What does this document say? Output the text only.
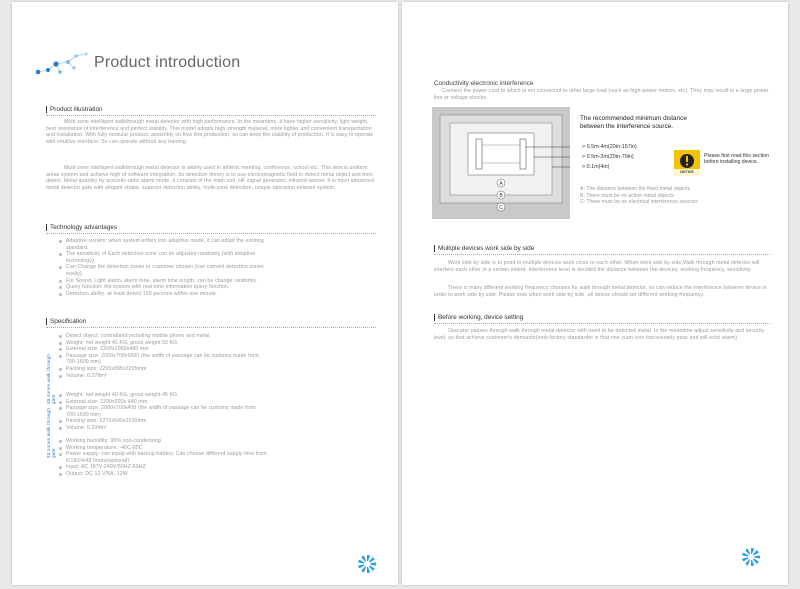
Product introduction
Product illustration
Multi-zone intelligent walkthrough metal detector with high performance. In the meantime, it have higher sensitivity, light weight, best resistance of interference and perfect stability. This model adopts high strength material, more lighter and convenient transportation and installation. With fully modular product, assembly on flow line production, so can keep the stability of production. It is easy to operate with intuitive interface. So can operate without any training.
Multi-zone intelligent walkthrough metal detector is widely used in athletic meeting, conference, school etc. This item is uniform areas system and achieve high of software integration. Its detection theory is to use electromagnetic field to detect metal object and then detect. Metal quantity by acoustic-optic alarm mode. It consists of the main unit, HF signal generator, infrared sensor. It is most advanced metal detector gate with elegant shape, superior detection ability, multi-zone detection, unique operation network system.
Technology advantages
Adaptive system: when system enters into adaptive mode, it can adapt the existing standard.
The sensitivity of Each detection zone can be adjusted randomly (with adaptive technology).
Can Change the detection zones to customer chosen (can convert detection zones easily).
For Sound, Light alarm, alarm tone, alarm time length, can be change randomly.
Query function: the system with real-time information query function.
Detection ability: at least detect 100 persons within one minute.
Specification
48 zones walk through gate
33 zones walk through gate
Detect object: contraband including mobile phone and metal
Weight: net weight 45 KG, gross weight 52 KG
External size: 2200x1900x480 mm
Passage size: 2000x700x1600 (the width of passage can be customs made from 700-1600 mm)
Packing size: 2265x895x2295mm
Volume: 0.378m³
Weight: net weight 40 KG, gross weight 45 KG
External size: 2200x920x 440 mm
Passage size: 2000x700x400 (the width of passage can be customs made from 700-1600 mm)
Packing size: 2270x540x2230mm
Volume: 0.334m³
Working humidity: 95%,non-condensing
Working temperature: -40C-85C
Power supply: can equip with backup battery. Can choose different supply time from 6/18/24/48 hours(optional)
Input: AC 187V-240V/50HZ-60HZ
Output: DC 12 V/5A, 12W
Conductivity electronic interference
Connect the power cord to which is not connected to other large load (such as high-power motors, etc). They may result in a large power line or voltage shocks.
A
B
C
The recommended minimum distance
between the interference source.
> 0.5m-4m(20in-157in)
> 0.5m-2m(20in-79in)
> 0.1m(4in)
NOTICE
Please first read this section before installing device.
A: The distance between the fixed metal objects
B: There must be no active metal objects
C: There must be no electrical interference sources
Multiple devices work side by side
Work side by side is to point to multiple devices work close to each other. When work side by side,Walk through metal detector will interfere each other in a certain extent. Interference level is decided the distance between the devices, working frequency, sensitivity.
There is many different working frequency chooses for walk through metal detector, so can reduce the interference between device in order to work side by side. Please note,when work side by side ,all device should set different working frequency.
Before working, device setting
Operator passes through walk through metal detector with need to be detected metal. In the meantime adjust sensitivity and security level, so that achieve customer's demands(note:factory standarder is that one yuan coin transversely pass and will exist alarm)
